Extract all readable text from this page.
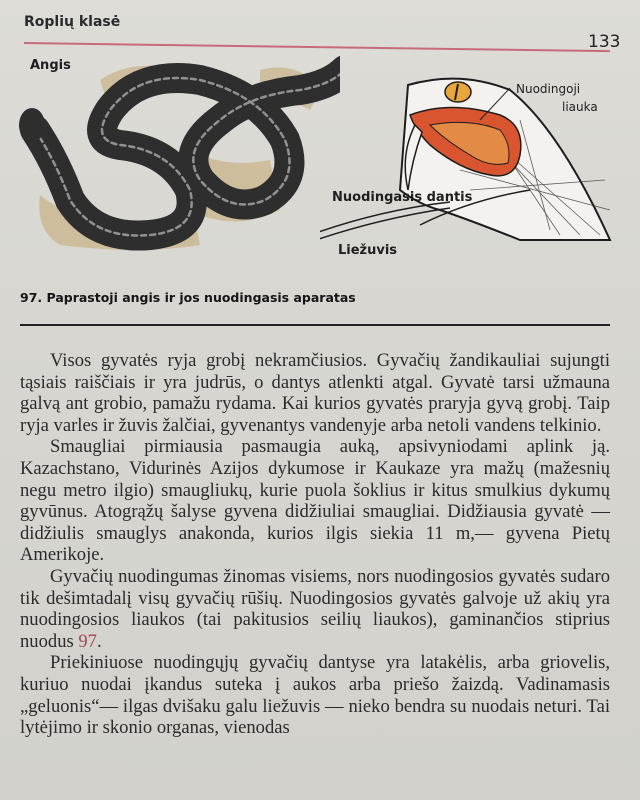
Roplių klasė
133
Angis
Nuodingoji
liauka
Nuodingasis dantis
Liežuvis
97. Paprastoji angis ir jos nuodingasis aparatas

Visos gyvatės ryja grobį nekramčiusios. Gyvačių žandikauliai sujungti tąsiais raiščiais ir yra judrūs, o dantys atlenkti atgal. Gyvatė tarsi užmauna galvą ant grobio, pamažu rydama. Kai kurios gyvatės praryja gyvą grobį. Taip ryja varles ir žuvis žalčiai, gyvenantys vandenyje arba netoli vandens telkinio.

Smaugliai pirmiausia pasmaugia auką, apsivyniodami aplink ją. Kazachstano, Vidurinės Azijos dykumose ir Kaukaze yra mažų (mažesnių negu metro ilgio) smaugliukų, kurie puola šoklius ir kitus smulkius dykumų gyvūnus. Atogrąžų šalyse gyvena didžiuliai smaugliai. Didžiausia gyvatė — didžiulis smauglys anakonda, kurios ilgis siekia 11 m,— gyvena Pietų Amerikoje.

Gyvačių nuodingumas žinomas visiems, nors nuodingosios gyvatės sudaro tik dešimtadalį visų gyvačių rūšių. Nuodingosios gyvatės galvoje už akių yra nuodingosios liaukos (tai pakitusios seilių liaukos), gaminančios stiprius nuodus 97.

Priekiniuose nuodingųjų gyvačių dantyse yra latakėlis, arba griovelis, kuriuo nuodai įkandus suteka į aukos arba priešo žaizdą. Vadinamasis „geluonis“— ilgas dvišaku galu liežuvis — nieko bendra su nuodais neturi. Tai lytėjimo ir skonio organas, vienodas
